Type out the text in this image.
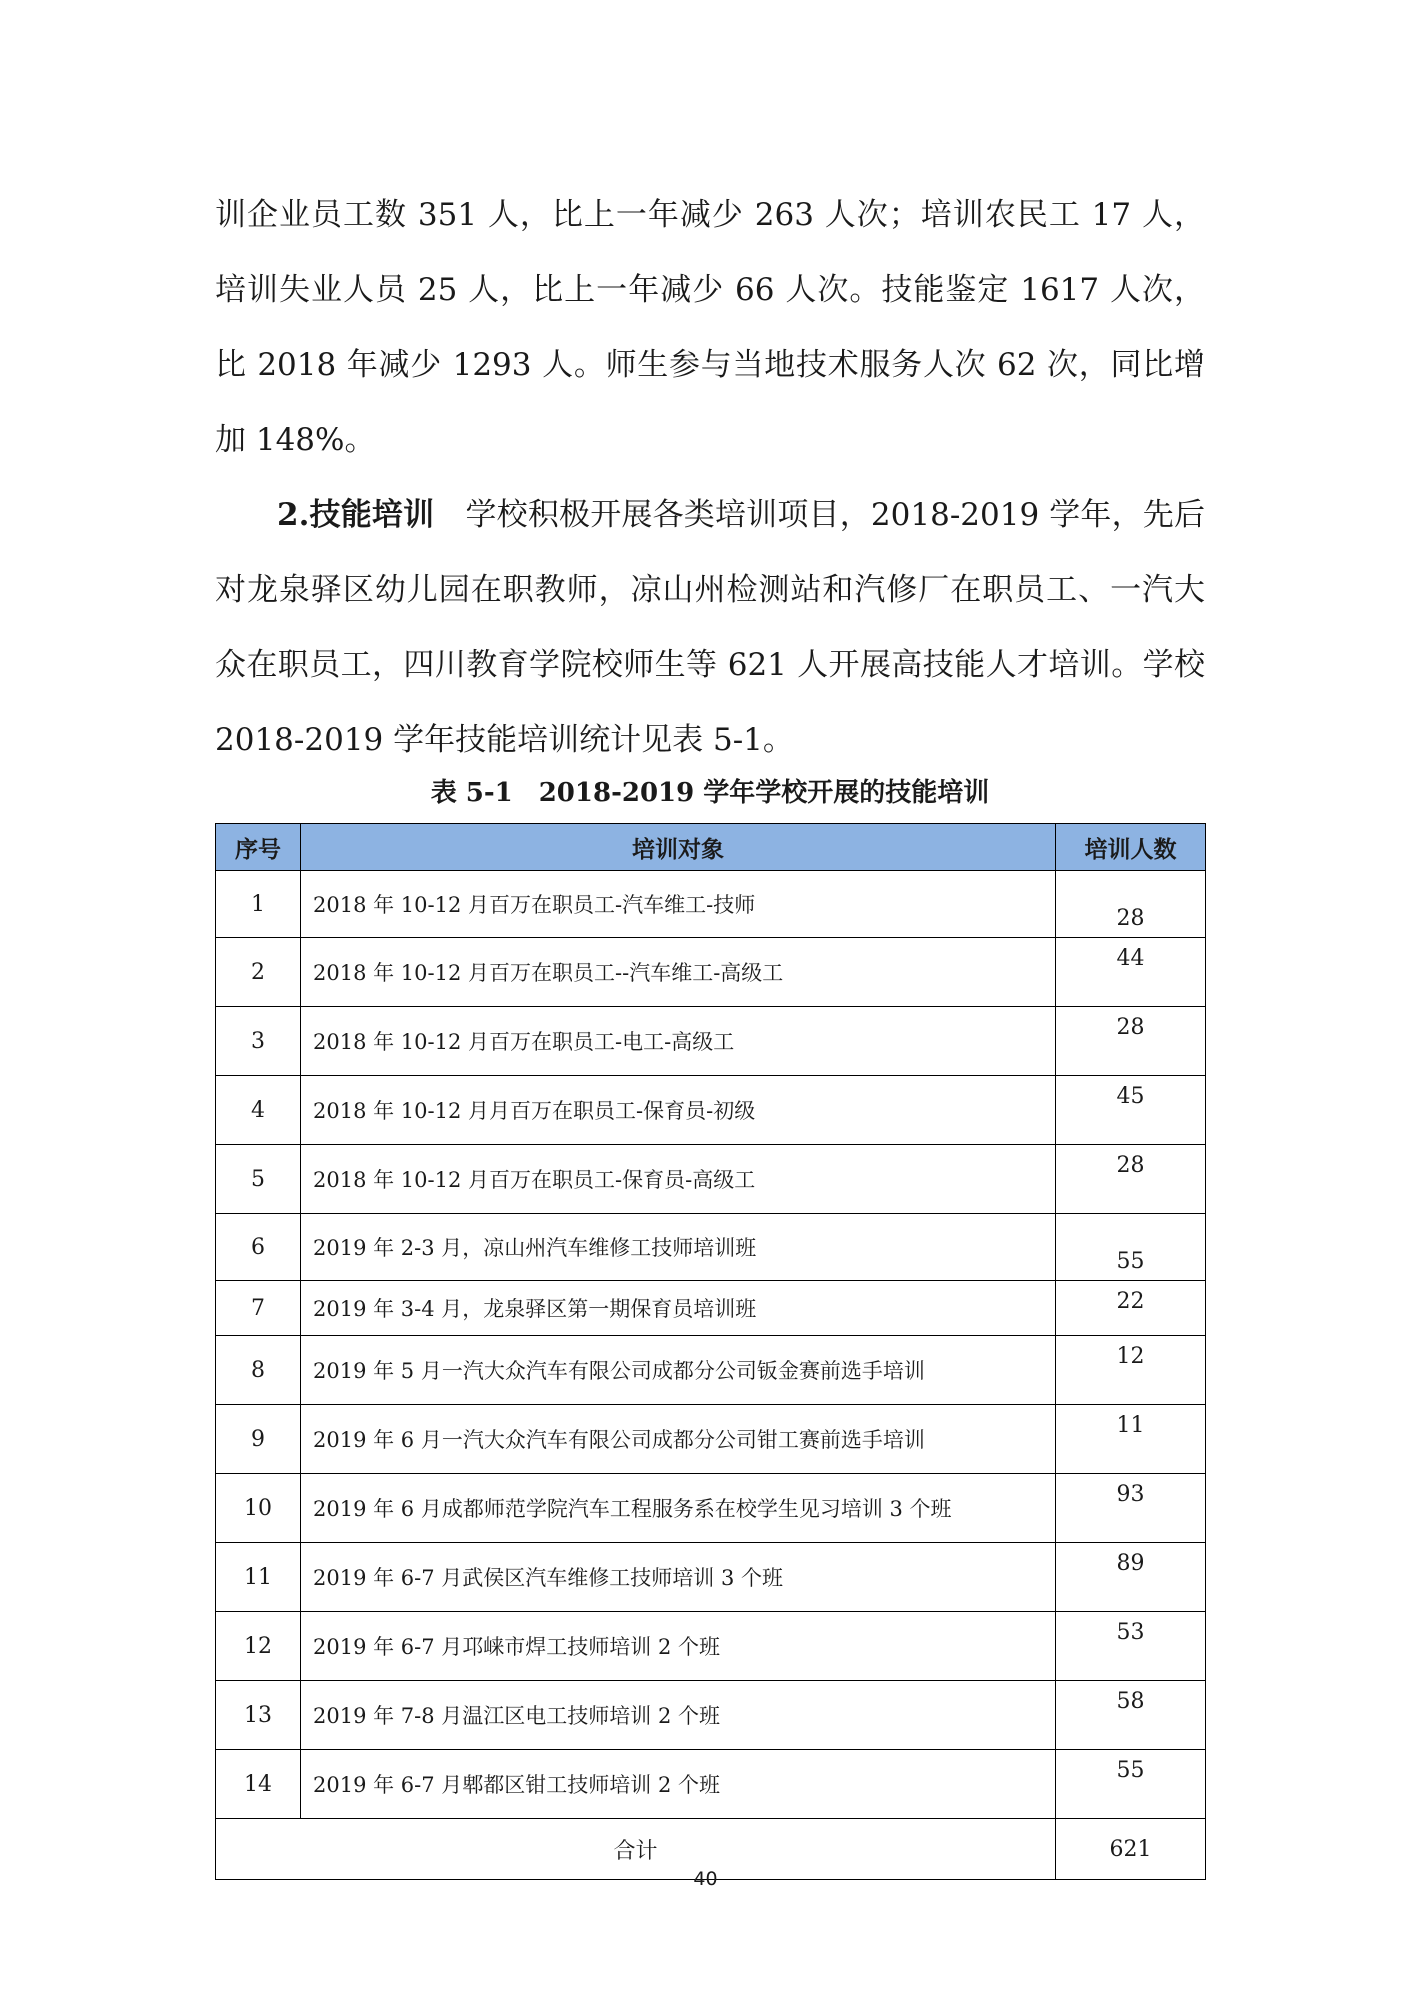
训企业员工数 351 人，比上一年减少 263 人次；培训农民工 17 人，培训失业人员 25 人，比上一年减少 66 人次。技能鉴定 1617 人次，比 2018 年减少 1293 人。师生参与当地技术服务人次 62 次，同比增加 148%。

2.技能培训　 学校积极开展各类培训项目，2018-2019 学年，先后对龙泉驿区幼儿园在职教师，凉山州检测站和汽修厂在职员工、一汽大众在职员工，四川教育学院校师生等 621 人开展高技能人才培训。学校 2018-2019 学年技能培训统计见表 5-1。

表 5-1　2018-2019 学年学校开展的技能培训
序号	培训对象	培训人数
1	2018 年 10-12 月百万在职员工-汽车维工-技师	28
2	2018 年 10-12 月百万在职员工--汽车维工-高级工	44
3	2018 年 10-12 月百万在职员工-电工-高级工	28
4	2018 年 10-12 月月百万在职员工-保育员-初级	45
5	2018 年 10-12 月百万在职员工-保育员-高级工	28
6	2019 年 2-3 月，凉山州汽车维修工技师培训班	55
7	2019 年 3-4 月，龙泉驿区第一期保育员培训班	22
8	2019 年 5 月一汽大众汽车有限公司成都分公司钣金赛前选手培训	12
9	2019 年 6 月一汽大众汽车有限公司成都分公司钳工赛前选手培训	11
10	2019 年 6 月成都师范学院汽车工程服务系在校学生见习培训 3 个班	93
11	2019 年 6-7 月武侯区汽车维修工技师培训 3 个班	89
12	2019 年 6-7 月邛崃市焊工技师培训 2 个班	53
13	2019 年 7-8 月温江区电工技师培训 2 个班	58
14	2019 年 6-7 月郫都区钳工技师培训 2 个班	55
合计		621
40
